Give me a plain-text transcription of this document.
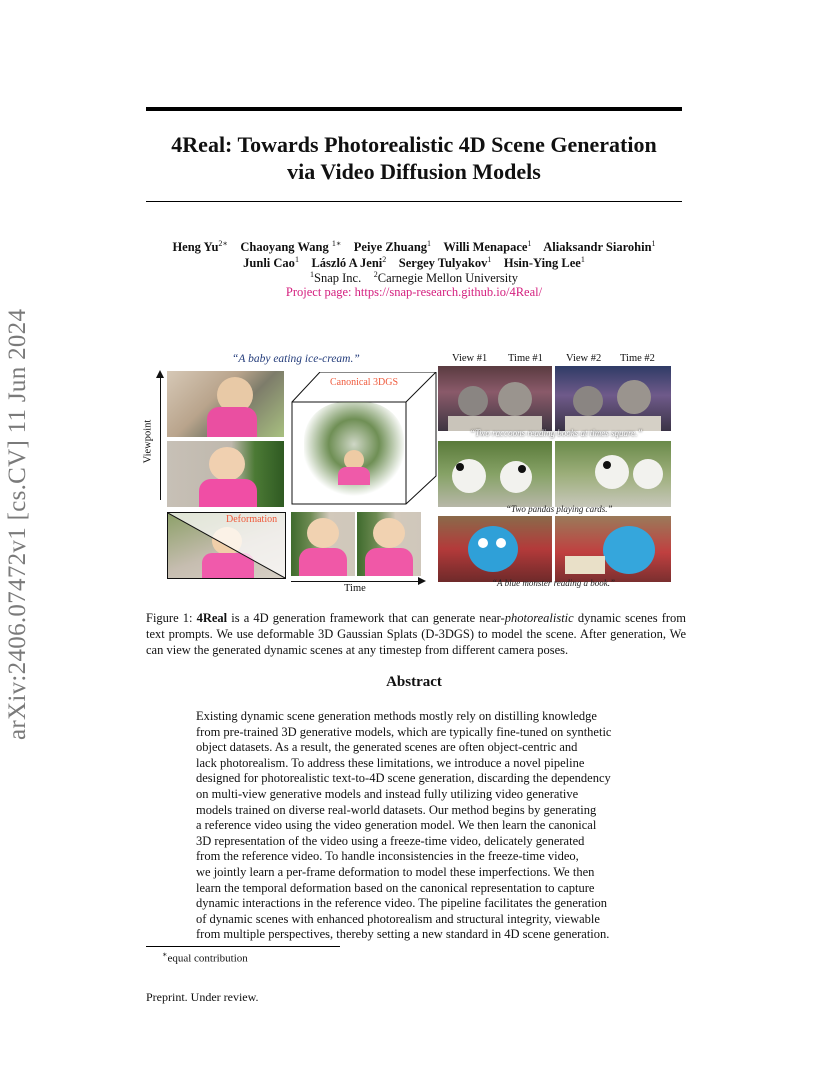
arXiv:2406.07472v1 [cs.CV] 11 Jun 2024
4Real: Towards Photorealistic 4D Scene Generation
via Video Diffusion Models
Heng $Yu^{2∗}$ Chaoyang Wang $^{1∗}$ Peiye Zhuang$^1$ Willi Menapace$^1$ Aliaksandr Siarohin$^1$
Junli Cao$^1$ László A Jeni$^2$ Sergey Tulyakov$^1$ Hsin-Ying Lee$^1$
$^1$Snap Inc. $^2$Carnegie Mellon University
Project page: https://snap-research.github.io/4Real/
“A baby eating ice-cream.”
Viewpoint
Deformation
Canonical 3DGS
Time
View #1 Time #1 View #2 Time #2
“Two raccoons reading books at times square.”
“Two pandas playing cards.”
“A blue monster reading a book.”
Figure 1: 4Real is a 4D generation framework that can generate near-photorealistic dynamic scenes from text prompts. We use deformable 3D Gaussian Splats (D-3DGS) to model the scene. After generation, We can view the generated dynamic scenes at any timestep from different camera poses.
Abstract
Existing dynamic scene generation methods mostly rely on distilling knowledge
from pre-trained 3D generative models, which are typically fine-tuned on synthetic
object datasets. As a result, the generated scenes are often object-centric and
lack photorealism. To address these limitations, we introduce a novel pipeline
designed for photorealistic text-to-4D scene generation, discarding the dependency
on multi-view generative models and instead fully utilizing video generative
models trained on diverse real-world datasets. Our method begins by generating
a reference video using the video generation model. We then learn the canonical
3D representation of the video using a freeze-time video, delicately generated
from the reference video. To handle inconsistencies in the freeze-time video,
we jointly learn a per-frame deformation to model these imperfections. We then
learn the temporal deformation based on the canonical representation to capture
dynamic interactions in the reference video. The pipeline facilitates the generation
of dynamic scenes with enhanced photorealism and structural integrity, viewable
from multiple perspectives, thereby setting a new standard in 4D scene generation.
∗equal contribution
Preprint. Under review.
